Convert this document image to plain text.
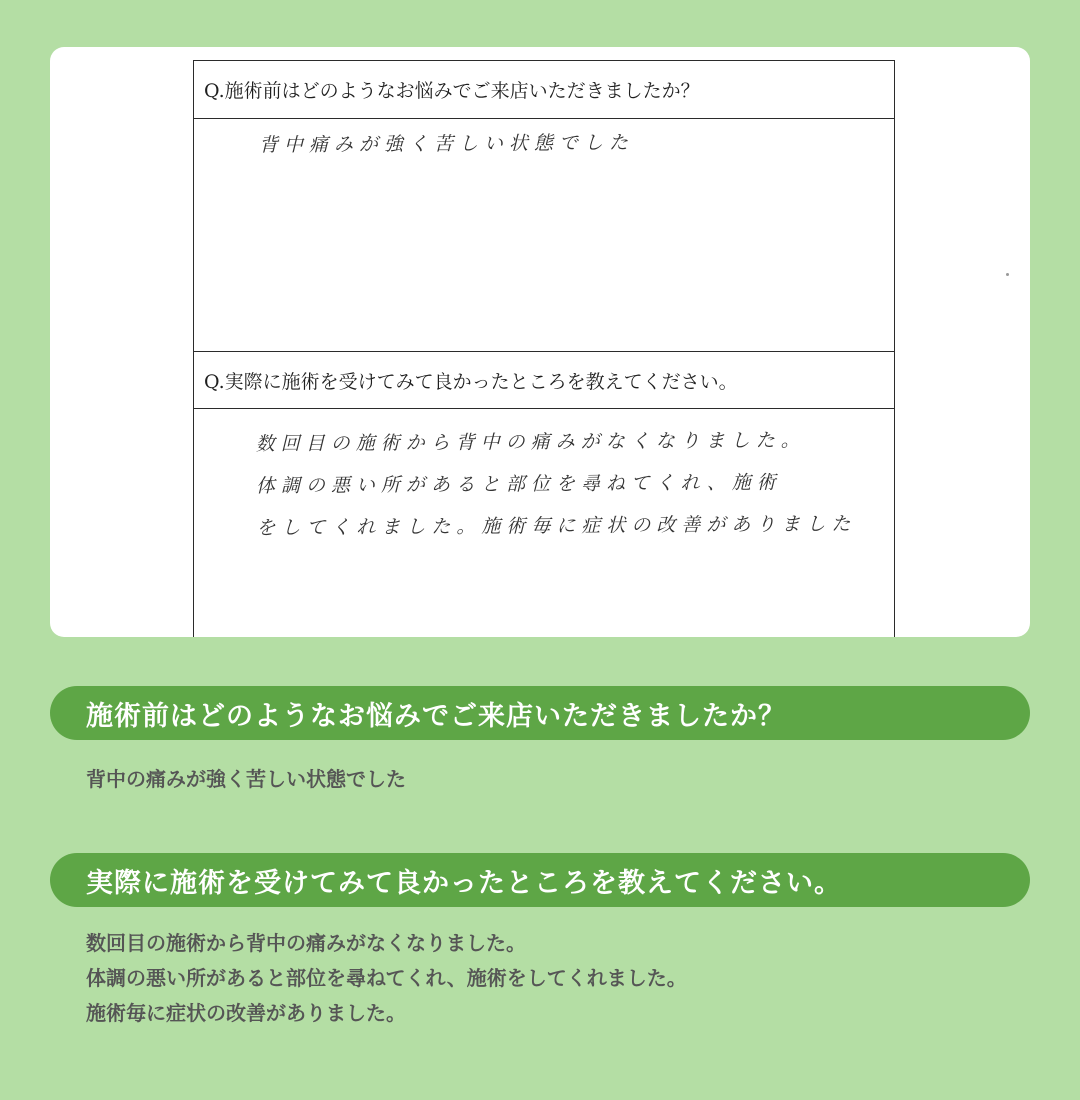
Q.施術前はどのようなお悩みでご来店いただきましたか？
背中痛みが強く苦しい状態でした
Q.実際に施術を受けてみて良かったところを教えてください。
数回目の施術から背中の痛みがなくなりました。
体調の悪い所があると部位を尋ねてくれ、施術
をしてくれました。施術毎に症状の改善がありました
施術前はどのようなお悩みでご来店いただきましたか？
背中の痛みが強く苦しい状態でした
実際に施術を受けてみて良かったところを教えてください。
数回目の施術から背中の痛みがなくなりました。
体調の悪い所があると部位を尋ねてくれ、施術をしてくれました。
施術毎に症状の改善がありました。
